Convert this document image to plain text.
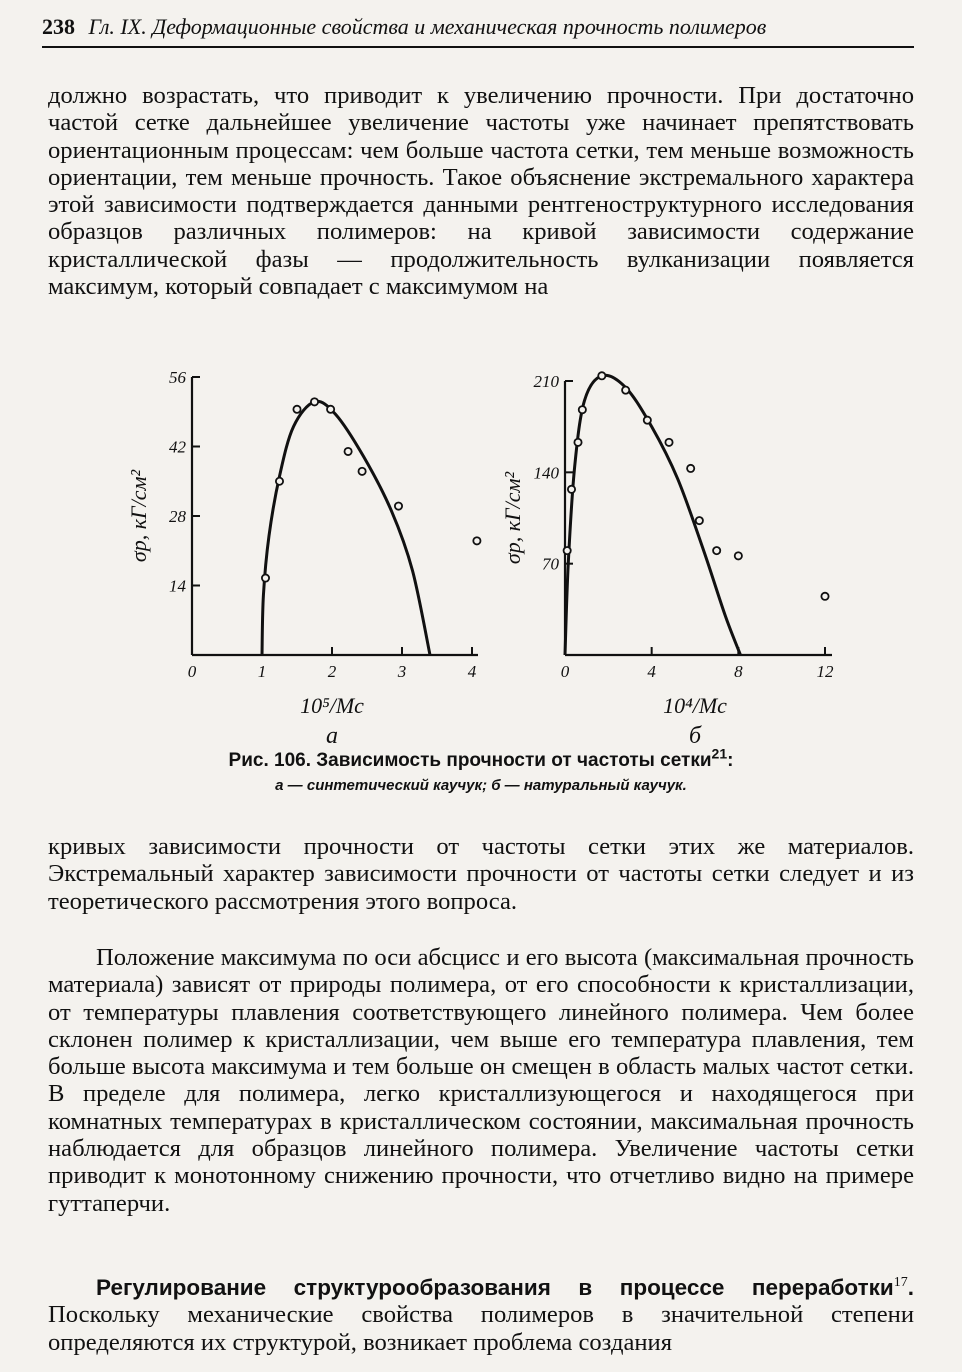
238 Гл. IX. Деформационные свойства и механическая прочность полимеров

должно возрастать, что приводит к увеличению прочности. При достаточно частой сетке дальнейшее увеличение частоты уже начинает препятствовать ориентационным процессам: чем больше частота сетки, тем меньше возможность ориентации, тем меньше прочность. Такое объяснение экстремального характера этой зависимости подтверждается данными рентгеноструктурного исследования образцов различных полимеров: на кривой зависимости содержание кристаллической фазы — продолжительность вулканизации появляется максимум, который совпадает с максимумом на

14
28
42
56
0	1	2	3	4
10⁵/Mc
а
σp, кГ/см²
70
140
210
0	4	8	12
10⁴/Mc
б
σp, кГ/см²
Рис. 106. Зависимость прочности от частоты сетки$^{21}$:
а — синтетический каучук; б — натуральный каучук.

кривых зависимости прочности от частоты сетки этих же материалов. Экстремальный характер зависимости прочности от частоты сетки следует и из теоретического рассмотрения этого вопроса.

Положение максимума по оси абсцисс и его высота (максимальная прочность материала) зависят от природы полимера, от его способности к кристаллизации, от температуры плавления соответствующего линейного полимера. Чем более склонен полимер к кристаллизации, чем выше его температура плавления, тем больше высота максимума и тем больше он смещен в область малых частот сетки. В пределе для полимера, легко кристаллизующегося и находящегося при комнатных температурах в кристаллическом состоянии, максимальная прочность наблюдается для образцов линейного полимера. Увеличение частоты сетки приводит к монотонному снижению прочности, что отчетливо видно на примере гуттаперчи.

Регулирование структурообразования в процессе переработки$^{17}$. Поскольку механические свойства полимеров в значительной степени определяются их структурой, возникает проблема создания
